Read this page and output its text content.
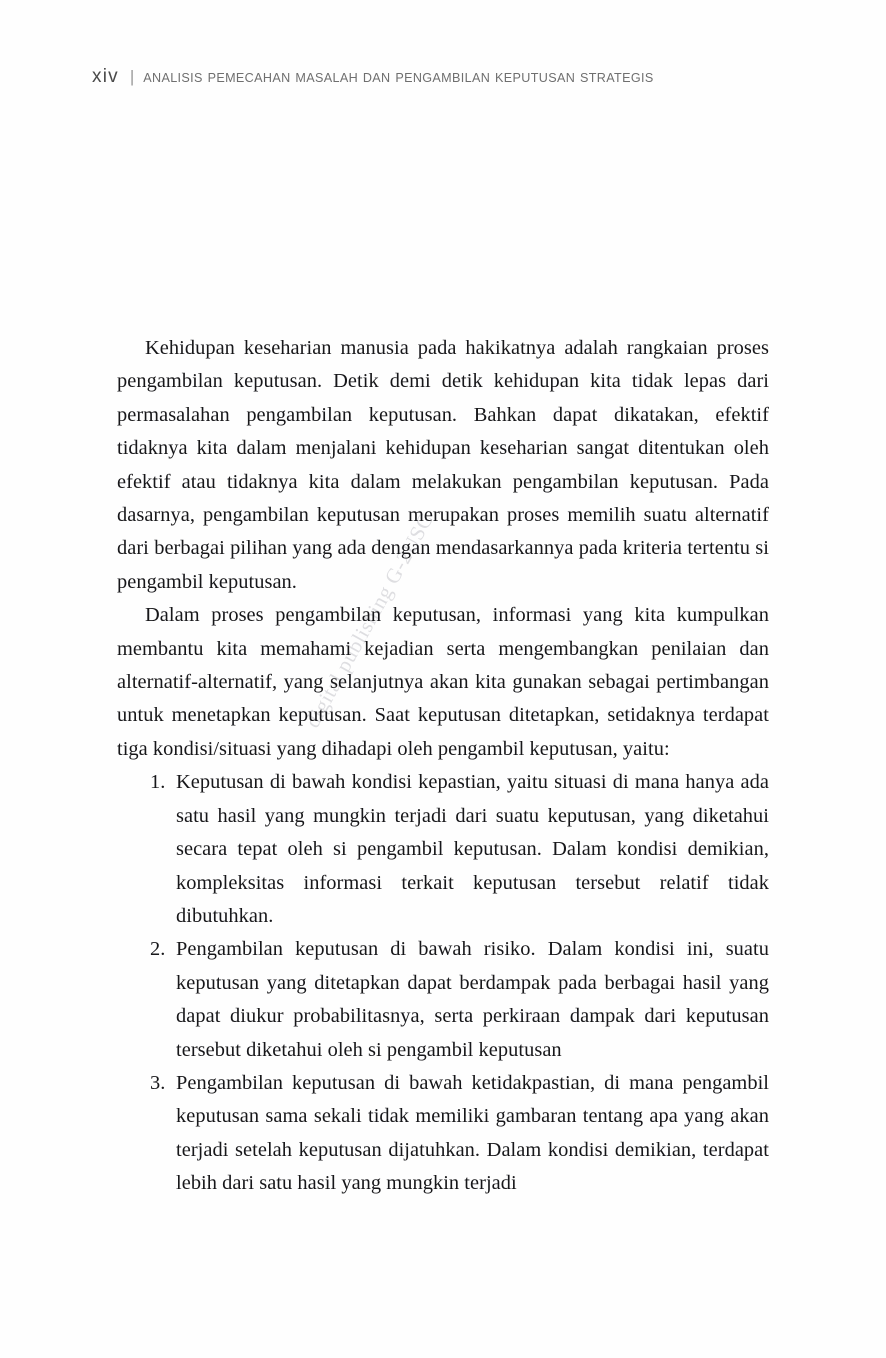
xiv | ANALISIS PEMECAHAN MASALAH DAN PENGAMBILAN KEPUTUSAN STRATEGIS
digital publishing G-2USC

Kehidupan keseharian manusia pada hakikatnya adalah rangkaian proses pengambilan keputusan. Detik demi detik kehidupan kita tidak lepas dari permasalahan pengambilan keputusan. Bahkan dapat dikatakan, efektif tidaknya kita dalam menjalani kehidupan keseharian sangat ditentukan oleh efektif atau tidaknya kita dalam melakukan pengambilan keputusan. Pada dasarnya, pengambilan keputusan merupakan proses memilih suatu alternatif dari berbagai pilihan yang ada dengan mendasarkannya pada kriteria tertentu si pengambil keputusan.

Dalam proses pengambilan keputusan, informasi yang kita kumpulkan membantu kita memahami kejadian serta mengembangkan penilaian dan alternatif-alternatif, yang selanjutnya akan kita gunakan sebagai pertimbangan untuk menetapkan keputusan. Saat keputusan ditetapkan, setidaknya terdapat tiga kondisi/situasi yang dihadapi oleh pengambil keputusan, yaitu:

Keputusan di bawah kondisi kepastian, yaitu situasi di mana hanya ada satu hasil yang mungkin terjadi dari suatu keputusan, yang diketahui secara tepat oleh si pengambil keputusan. Dalam kondisi demikian, kompleksitas informasi terkait keputusan tersebut relatif tidak dibutuhkan.
Pengambilan keputusan di bawah risiko. Dalam kondisi ini, suatu keputusan yang ditetapkan dapat berdampak pada berbagai hasil yang dapat diukur probabilitasnya, serta perkiraan dampak dari keputusan tersebut diketahui oleh si pengambil keputusan
Pengambilan keputusan di bawah ketidakpastian, di mana pengambil keputusan sama sekali tidak memiliki gambaran tentang apa yang akan terjadi setelah keputusan dijatuhkan. Dalam kondisi demikian, terdapat lebih dari satu hasil yang mungkin terjadi
